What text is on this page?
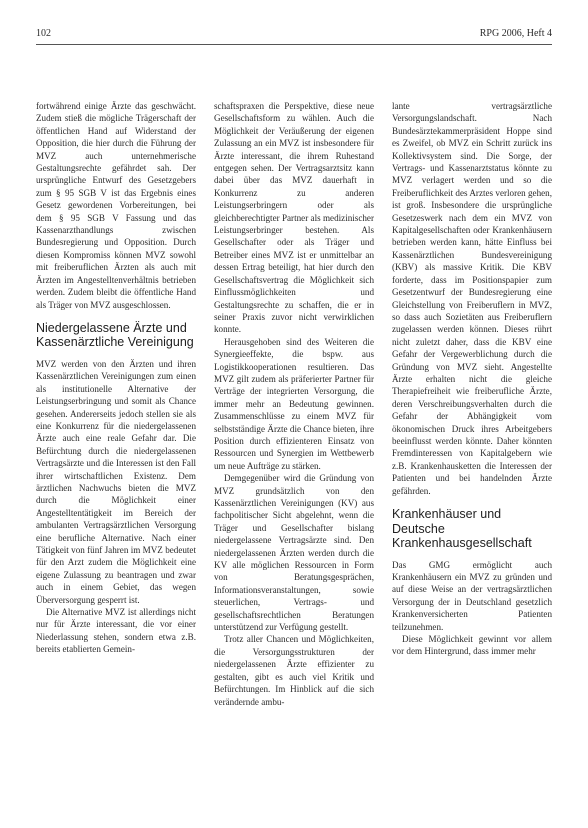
102	RPG 2006, Heft 4

fortwährend einige Ärzte das geschwächt. Zudem stieß die mögliche Trägerschaft der öffentlichen Hand auf Widerstand der Opposition, die hier durch die Führung der MVZ auch unternehmerische Gestaltungsrechte gefährdet sah. Der ursprüngliche Entwurf des Gesetzgebers zum § 95 SGB V ist das Ergebnis eines Gesetz gewordenen Vorbereitungen, bei dem § 95 SGB V Fassung und das Kassenarzthandlungs zwischen Bundesregierung und Opposition. Durch diesen Kompromiss können MVZ sowohl mit freiberuflichen Ärzten als auch mit Ärzten im Angestelltenverhältnis betrieben werden. Zudem bleibt die öffentliche Hand als Träger von MVZ ausgeschlossen.

Niedergelassene Ärzte und Kassenärztliche Vereinigung

MVZ werden von den Ärzten und ihren Kassenärztlichen Vereinigungen zum einen als institutionelle Alternative der Leistungserbringung und somit als Chance gesehen. Andererseits jedoch stellen sie als eine Konkurrenz für die niedergelassenen Ärzte auch eine reale Gefahr dar. Die Befürchtung durch die niedergelassenen Vertragsärzte und die Interessen ist den Fall ihrer wirtschaftlichen Existenz. Dem ärztlichen Nachwuchs bieten die MVZ durch die Möglichkeit einer Angestelltentätigkeit im Bereich der ambulanten Vertragsärztlichen Versorgung eine berufliche Alternative. Nach einer Tätigkeit von fünf Jahren im MVZ bedeutet für den Arzt zudem die Möglichkeit eine eigene Zulassung zu beantragen und zwar auch in einem Gebiet, das wegen Überversorgung gesperrt ist.

Die Alternative MVZ ist allerdings nicht nur für Ärzte interessant, die vor einer Niederlassung stehen, sondern etwa z.B. bereits etablierten Gemein-

schaftspraxen die Perspektive, diese neue Gesellschaftsform zu wählen. Auch die Möglichkeit der Veräußerung der eigenen Zulassung an ein MVZ ist insbesondere für Ärzte interessant, die ihrem Ruhestand entgegen sehen. Der Vertragsarztsitz kann dabei über das MVZ dauerhaft in Konkurrenz zu anderen Leistungserbringern oder als gleichberechtigter Partner als medizinischer Leistungserbringer bestehen. Als Gesellschafter oder als Träger und Betreiber eines MVZ ist er unmittelbar an dessen Ertrag beteiligt, hat hier durch den Gesellschaftsvertrag die Möglichkeit sich Einflussmöglichkeiten und Gestaltungsrechte zu schaffen, die er in seiner Praxis zuvor nicht verwirklichen konnte.

Herausgehoben sind des Weiteren die Synergieeffekte, die bspw. aus Logistikkooperationen resultieren. Das MVZ gilt zudem als präferierter Partner für Verträge der integrierten Versorgung, die immer mehr an Bedeutung gewinnen. Zusammenschlüsse zu einem MVZ für selbstständige Ärzte die Chance bieten, ihre Position durch effizienteren Einsatz von Ressourcen und Synergien im Wettbewerb um neue Aufträge zu stärken.

Demgegenüber wird die Gründung von MVZ grundsätzlich von den Kassenärztlichen Vereinigungen (KV) aus fachpolitischer Sicht abgelehnt, wenn die Träger und Gesellschafter bislang niedergelassene Vertragsärzte sind. Den niedergelassenen Ärzten werden durch die KV alle möglichen Ressourcen in Form von Beratungsgesprächen, Informationsveranstaltungen, sowie steuerlichen, Vertrags- und gesellschaftsrechtlichen Beratungen unterstützend zur Verfügung gestellt.

Trotz aller Chancen und Möglichkeiten, die Versorgungsstrukturen der niedergelassenen Ärzte effizienter zu gestalten, gibt es auch viel Kritik und Befürchtungen. Im Hinblick auf die sich verändernde ambu-

lante vertragsärztliche Versorgungslandschaft. Nach Bundesärztekammerpräsident Hoppe sind es Zweifel, ob MVZ ein Schritt zurück ins Kollektivsystem sind. Die Sorge, der Vertrags- und Kassenarztstatus könnte zu MVZ verlagert werden und so die Freiberuflichkeit des Arztes verloren gehen, ist groß. Insbesondere die ursprüngliche Gesetzeswerk nach dem ein MVZ von Kapitalgesellschaften oder Krankenhäusern betrieben werden kann, hätte Einfluss bei Kassenärztlichen Bundesvereinigung (KBV) als massive Kritik. Die KBV forderte, dass im Positionspapier zum Gesetzentwurf der Bundesregierung eine Gleichstellung von Freiberuflern in MVZ, so dass auch Sozietäten aus Freiberuflern zugelassen werden können. Dieses rührt nicht zuletzt daher, dass die KBV eine Gefahr der Vergewerblichung durch die Gründung von MVZ sieht. Angestellte Ärzte erhalten nicht die gleiche Therapiefreiheit wie freiberufliche Ärzte, deren Verschreibungsverhalten durch die Gefahr der Abhängigkeit vom ökonomischen Druck ihres Arbeitgebers beeinflusst werden könnte. Daher könnten Fremdinteressen von Kapitalgebern wie z.B. Krankenhausketten die Interessen der Patienten und bei handelnden Ärzte gefährden.

Krankenhäuser und Deutsche Krankenhausgesellschaft

Das GMG ermöglicht auch Krankenhäusern ein MVZ zu gründen und auf diese Weise an der vertragsärztlichen Versorgung der in Deutschland gesetzlich Krankenversicherten Patienten teilzunehmen.

Diese Möglichkeit gewinnt vor allem vor dem Hintergrund, dass immer mehr
